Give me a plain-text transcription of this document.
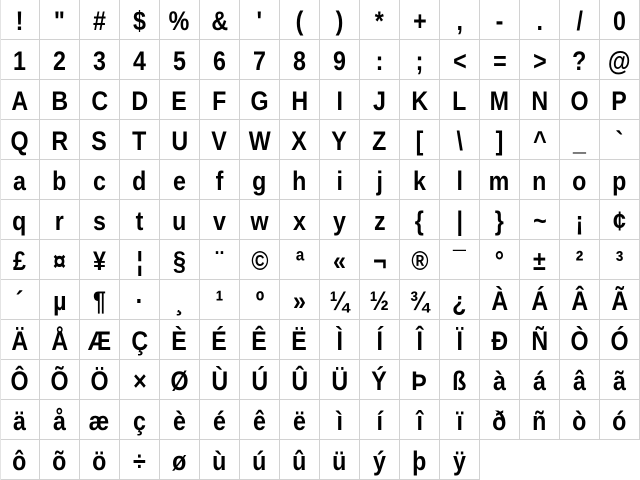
!	"	#	$ % &	'	(	)	*	+	,	-	.	/	0
1	2	3	4	5	6	7	8	9	:	;	< = > ? @
A B C D E F G H	I	J K L M N O P
Q R S T U V W X Y Z	[	\	]	^ _	`
a b c d e	f	g h	i	j	k	l m n o p
q	r	s	t	u v w x	y	z	{	|	}	~	¡	¢
£	¤	¥	¦	§	¨	©	ª	« ¬ ® ¯	°	±	²	³
´	µ ¶	·	¸	¹	º	» ¼ ½ ¾ ¿ À Á Â Ã
Ä Å Æ Ç È É Ê Ë	Ì	Í	Î	Ï	Ð Ñ Ò Ó
Ô Õ Ö × Ø Ù Ú Û Ü Ý Þ ß à	á	â	ã
ä	å æ ç	è	é	ê	ë	ì	í	î	ï	ð ñ ò ó
ô õ ö ÷ ø ù ú û ü ý þ ÿ
